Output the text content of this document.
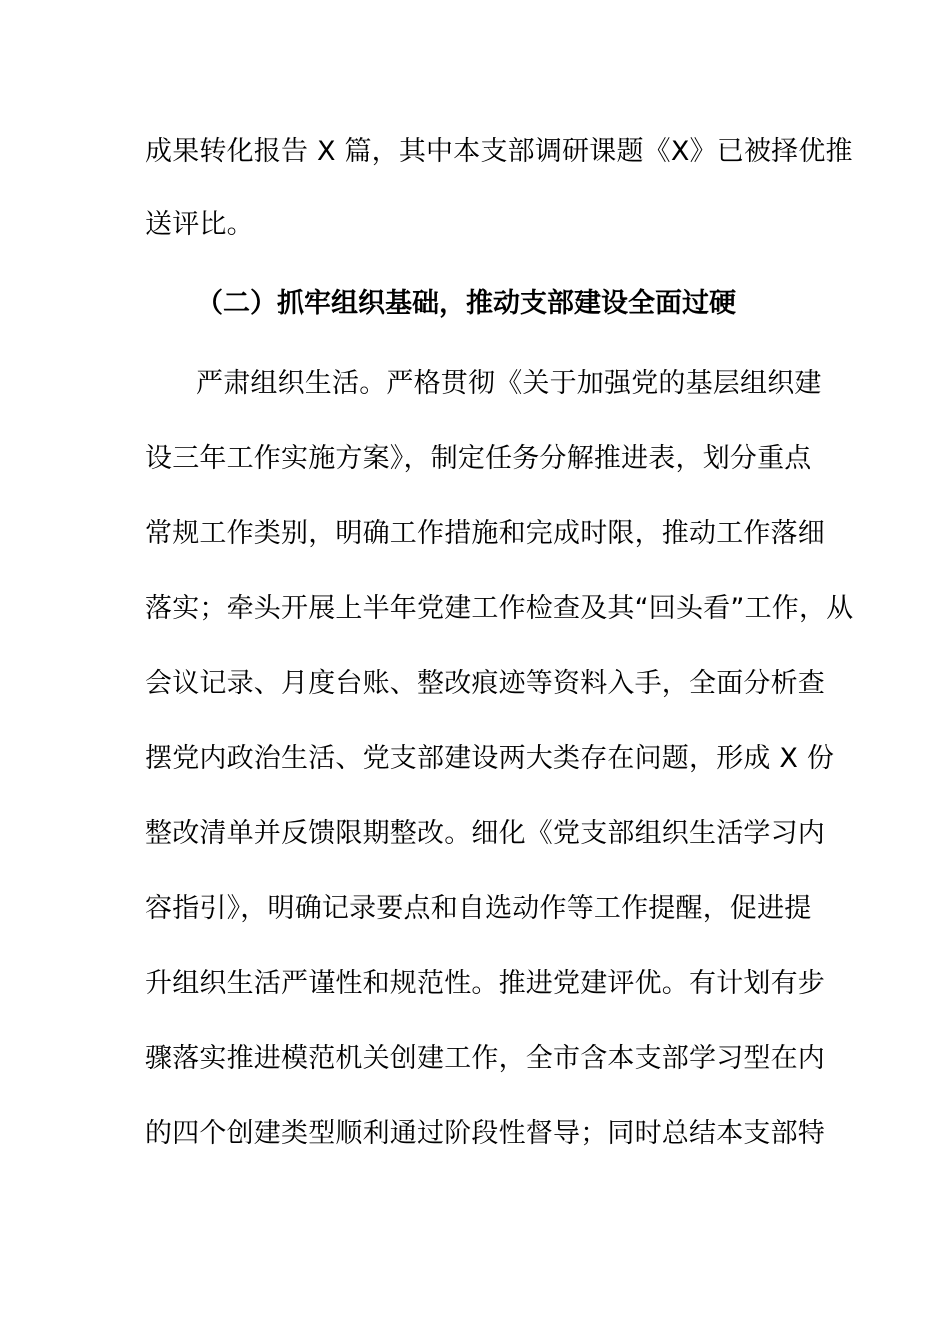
成果转化报告 X 篇，其中本支部调研课题《X》已被择优推
送评比。
（二）抓牢组织基础，推动支部建设全面过硬
严肃组织生活。严格贯彻《关于加强党的基层组织建
设三年工作实施方案》，制定任务分解推进表，划分重点
常规工作类别，明确工作措施和完成时限，推动工作落细
落实；牵头开展上半年党建工作检查及其“回头看”工作，从
会议记录、月度台账、整改痕迹等资料入手，全面分析查
摆党内政治生活、党支部建设两大类存在问题，形成 X 份
整改清单并反馈限期整改。细化《党支部组织生活学习内
容指引》，明确记录要点和自选动作等工作提醒，促进提
升组织生活严谨性和规范性。推进党建评优。有计划有步
骤落实推进模范机关创建工作，全市含本支部学习型在内
的四个创建类型顺利通过阶段性督导；同时总结本支部特
